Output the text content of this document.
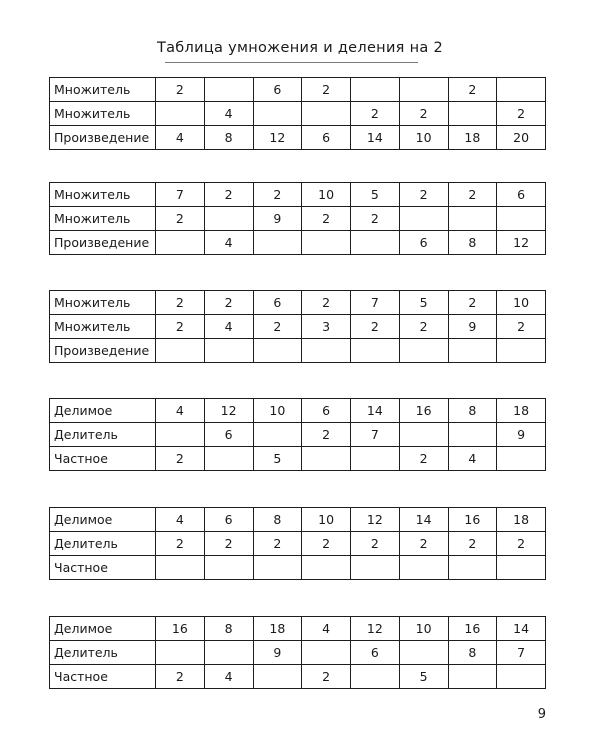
Таблица умножения и деления на 2
Множитель	2		6	2			2	
Множитель		4			2	2		2
Произведение	4	8	12	6	14	10	18	20
Множитель	7	2	2	10	5	2	2	6
Множитель	2		9	2	2			
Произведение		4				6	8	12
Множитель	2	2	6	2	7	5	2	10
Множитель	2	4	2	3	2	2	9	2
Произведение								
Делимое	4	12	10	6	14	16	8	18
Делитель		6		2	7			9
Частное	2		5			2	4	
Делимое	4	6	8	10	12	14	16	18
Делитель	2	2	2	2	2	2	2	2
Частное								
Делимое	16	8	18	4	12	10	16	14
Делитель			9		6		8	7
Частное	2	4		2		5		
9
